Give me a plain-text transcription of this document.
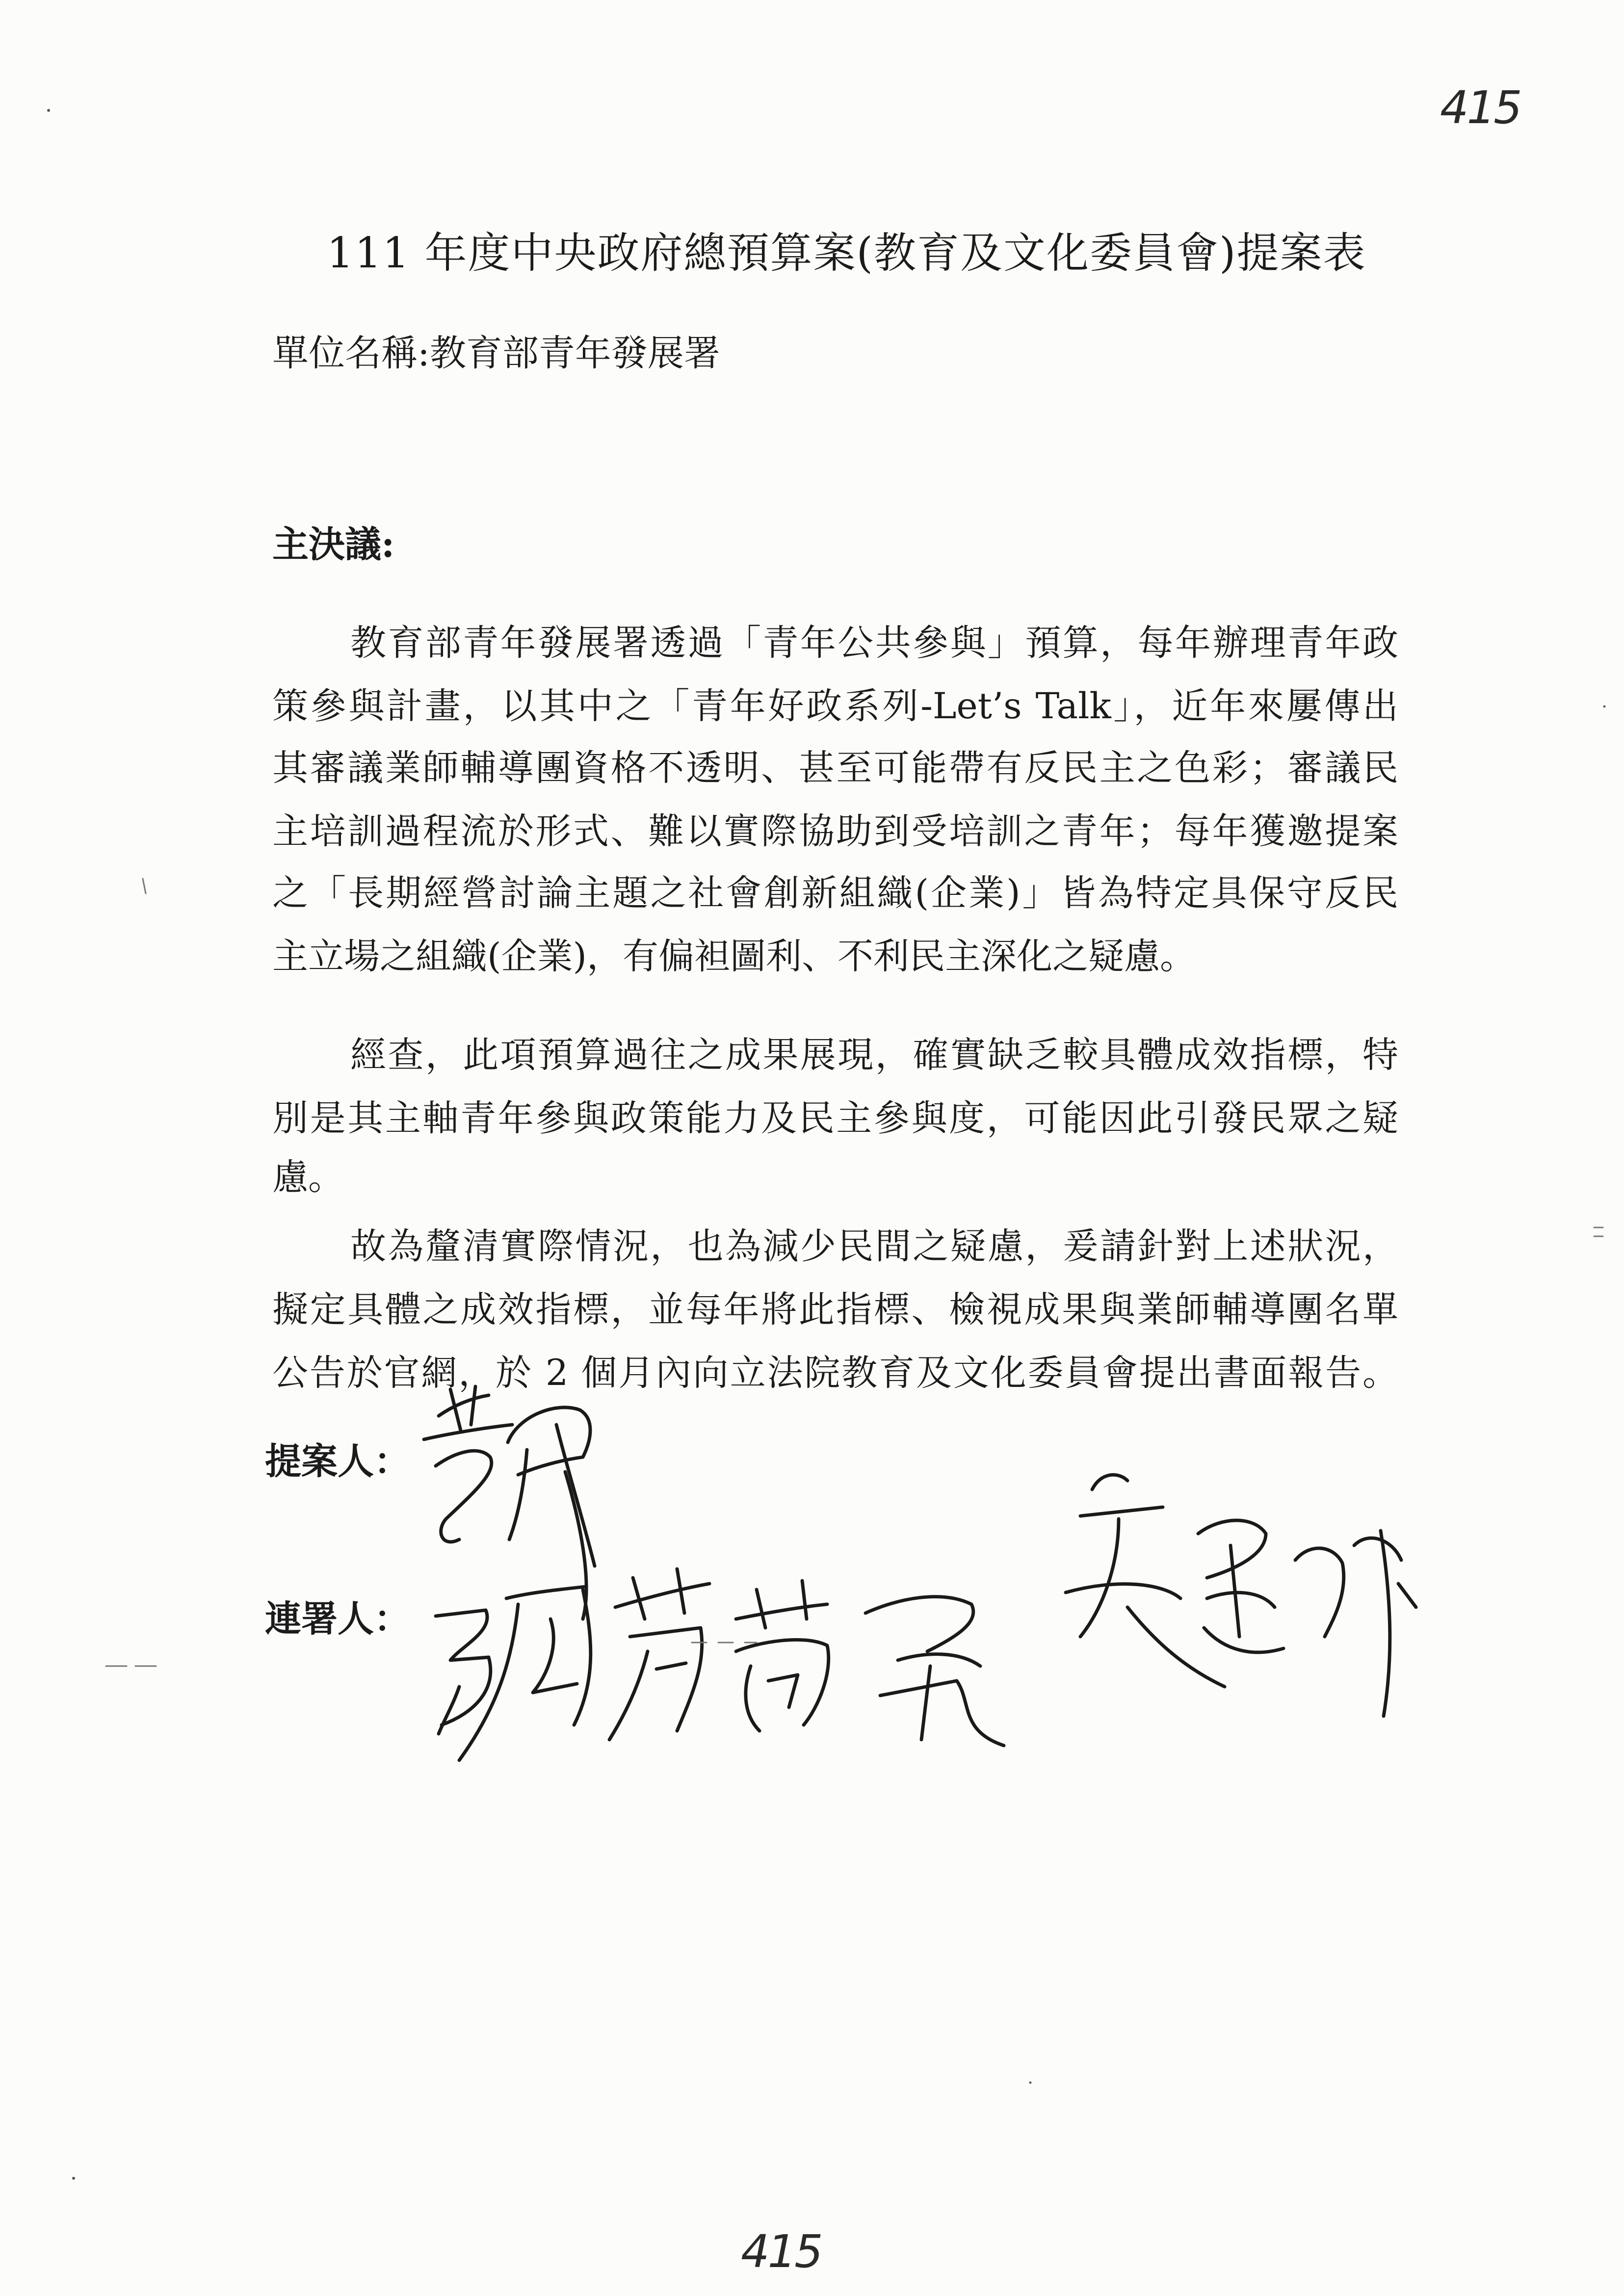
415
111 年度中央政府總預算案(教育及文化委員會)提案表
單位名稱:教育部青年發展署
主決議:
教育部青年發展署透過「青年公共參與」預算，每年辦理青年政
策參與計畫，以其中之「青年好政系列-Let’s Talk」，近年來屢傳出
其審議業師輔導團資格不透明、甚至可能帶有反民主之色彩；審議民
主培訓過程流於形式、難以實際協助到受培訓之青年；每年獲邀提案
之「長期經營討論主題之社會創新組織(企業)」皆為特定具保守反民
主立場之組織(企業)，有偏袒圖利、不利民主深化之疑慮。
經查，此項預算過往之成果展現，確實缺乏較具體成效指標，特
別是其主軸青年參與政策能力及民主參與度，可能因此引發民眾之疑
慮。
故為釐清實際情況，也為減少民間之疑慮，爰請針對上述狀況，
擬定具體之成效指標，並每年將此指標、檢視成果與業師輔導團名單
公告於官網，於 2 個月內向立法院教育及文化委員會提出書面報告。
提案人：
連署人：
415
